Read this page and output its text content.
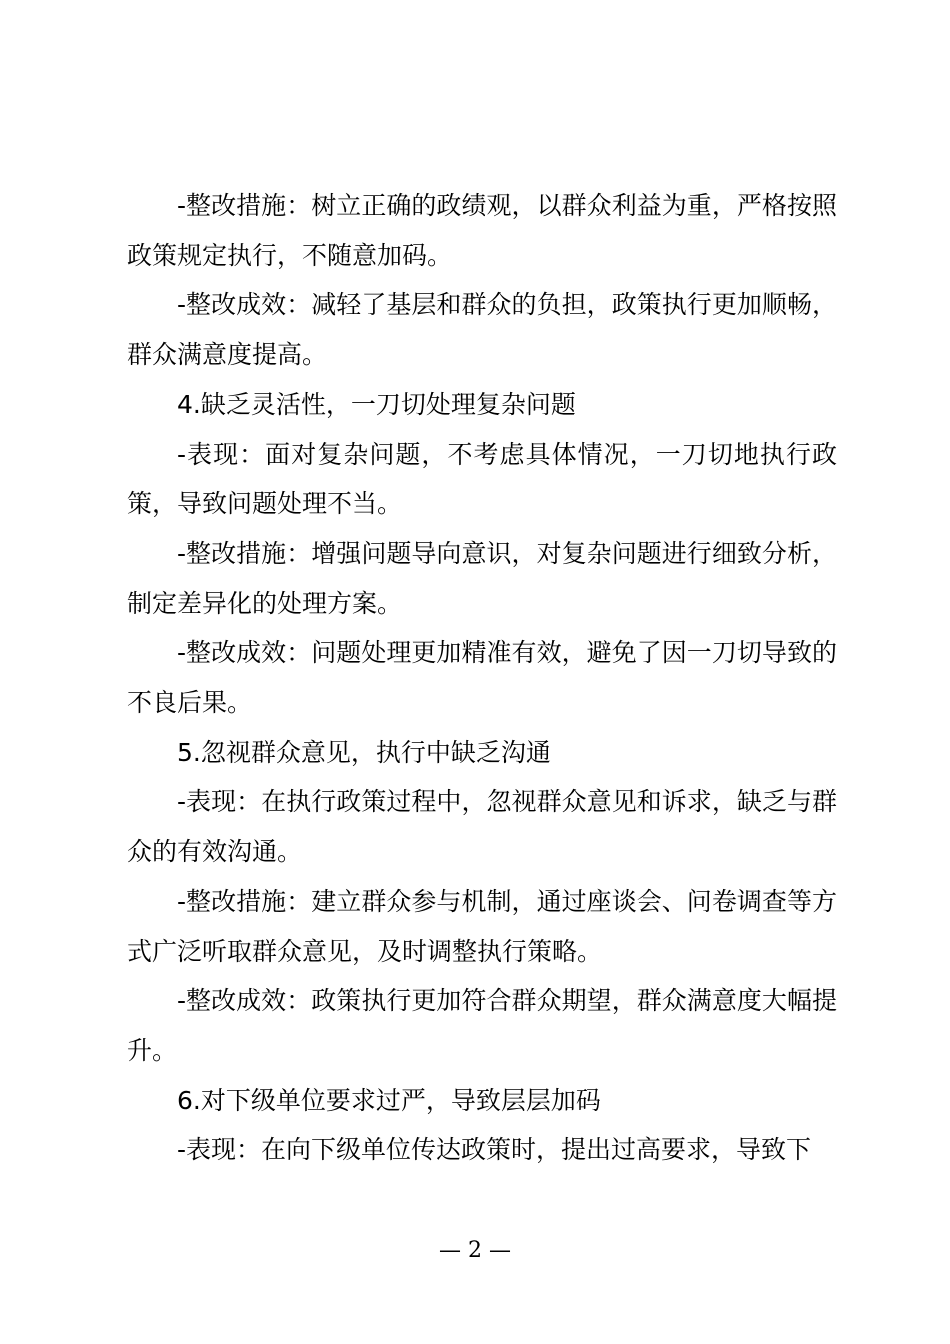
-整改措施：树立正确的政绩观，以群众利益为重，严格按照政策规定执行，不随意加码。

-整改成效：减轻了基层和群众的负担，政策执行更加顺畅，群众满意度提高。

4.缺乏灵活性，一刀切处理复杂问题

-表现：面对复杂问题，不考虑具体情况，一刀切地执行政策，导致问题处理不当。

-整改措施：增强问题导向意识，对复杂问题进行细致分析，制定差异化的处理方案。

-整改成效：问题处理更加精准有效，避免了因一刀切导致的不良后果。

5.忽视群众意见，执行中缺乏沟通

-表现：在执行政策过程中，忽视群众意见和诉求，缺乏与群众的有效沟通。

-整改措施：建立群众参与机制，通过座谈会、问卷调查等方式广泛听取群众意见，及时调整执行策略。

-整改成效：政策执行更加符合群众期望，群众满意度大幅提升。

6.对下级单位要求过严，导致层层加码

-表现：在向下级单位传达政策时，提出过高要求，导致下

— 2 —
